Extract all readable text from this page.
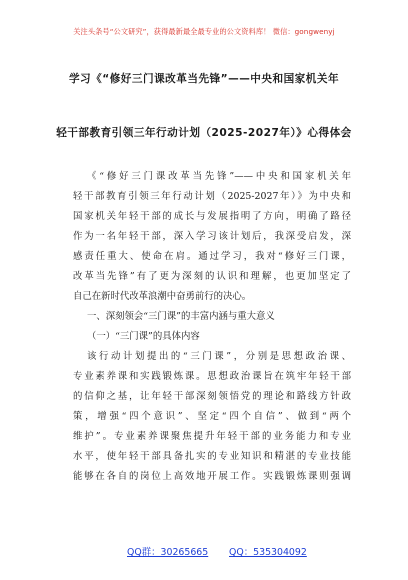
关注头条号“公文研究”，获得最新最全最专业的公文资料库！ 微信：gongwenyj
学习《“修好三门课改革当先锋”——中央和国家机关年
轻干部教育引领三年行动计划（2025-2027年）》心得体会
《“修好三门课改革当先锋”——中央和国家机关年
轻干部教育引领三年行动计划（2025-2027年）》为中央和
国家机关年轻干部的成长与发展指明了方向，明确了路径
作为一名年轻干部，深入学习该计划后，我深受启发，深
感责任重大、使命在肩。通过学习，我对“修好三门课，
改革当先锋”有了更为深刻的认识和理解，也更加坚定了
自己在新时代改革浪潮中奋勇前行的决心。
一、深刻领会“三门课”的丰富内涵与重大意义
（一）“三门课”的具体内容
该行动计划提出的“三门课”，分别是思想政治课、
专业素养课和实践锻炼课。思想政治课旨在筑牢年轻干部
的信仰之基，让年轻干部深刻领悟党的理论和路线方针政
策，增强“四个意识”、坚定“四个自信”、做到“两个
维护”。专业素养课聚焦提升年轻干部的业务能力和专业
水平，使年轻干部具备扎实的专业知识和精湛的专业技能
能够在各自的岗位上高效地开展工作。实践锻炼课则强调
QQ群：30265665 QQ：535304092
